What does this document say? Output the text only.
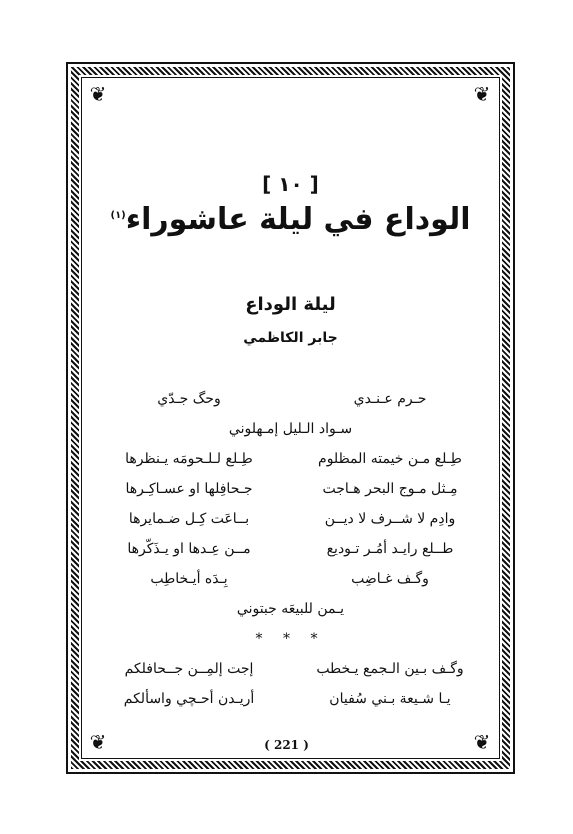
❦	❦
❦	❦
[ ١٠ ]
الوداع في ليلة عاشوراء$^{(١)}$
ليلة الوداع
جابر الكاظمي
حـرم عـنـدي
وحگ جـدّي
سـواد الـليل إمـهلوني
طِـلع مـن خيمته المظلوم
طِـلع لـلـحومَه يـنظرها
مِـثل مـوج البحر هـاجت
جـحافِلها او عسـاكِـرها
وادِم لا شــرف لا ديــن
بــاعَت كِـل ضـمايرها
طــلع رايـد أمُـر تـوديع
مــن عِـدها او يـذَكّرها
وگـف غـاضِب
بِـدَه أيـخاطِب
يـمن للبيعَه جبتوني
* * *
وگـف بـين الـجمع يـخطب
إجت إلمِــن جــحافلكم
يـا شـيعة بـني سُفيان
أريـدن أحـچي واسألكم
( 221 )
